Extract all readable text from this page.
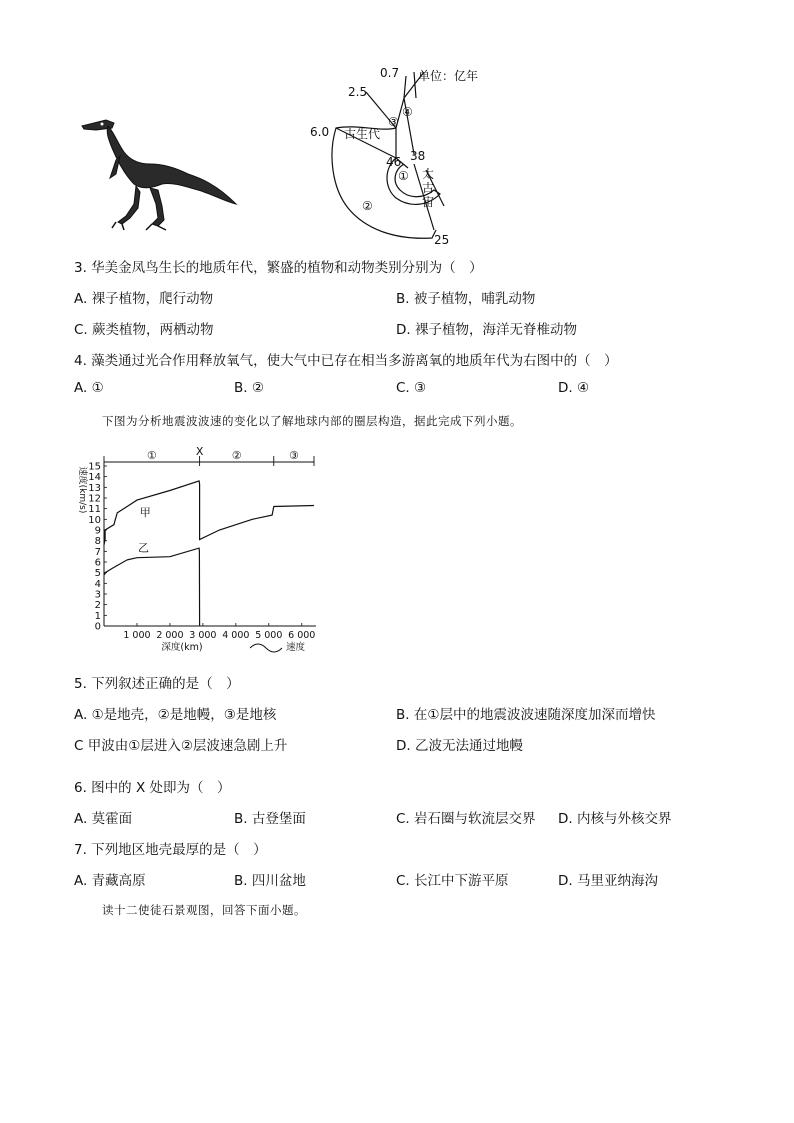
0.7 单位：亿年
2.5
6.0 古生代
③
④
46 38
①
②
太
古
宙
25
3. 华美金凤鸟生长的地质年代，繁盛的植物和动物类别分别为（　）
A. 裸子植物，爬行动物	B. 被子植物，哺乳动物
C. 蕨类植物，两栖动物	D. 裸子植物，海洋无脊椎动物
4. 藻类通过光合作用释放氧气，使大气中已存在相当多游离氧的地质年代为右图中的（　）
A. ①	B. ②	C. ③	D. ④
下图为分析地震波波速的变化以了解地球内部的圈层构造，据此完成下列小题。
0
1
2
3
4
5
6
7
8
9
10
11
12
13
14
15
1 000 2 000 3 000 4 000 5 000 6 000
甲
乙
速度(km/s)
深度(km)	速度
①	X	②	③
5. 下列叙述正确的是（　）
A. ①是地壳，②是地幔，③是地核	B. 在①层中的地震波波速随深度加深而增快
C 甲波由①层进入②层波速急剧上升	D. 乙波无法通过地幔
6. 图中的 X 处即为（　）
A. 莫霍面	B. 古登堡面	C. 岩石圈与软流层交界 D. 内核与外核交界
7. 下列地区地壳最厚的是（　）
A. 青藏高原	B. 四川盆地	C. 长江中下游平原	D. 马里亚纳海沟
读十二使徒石景观图，回答下面小题。
